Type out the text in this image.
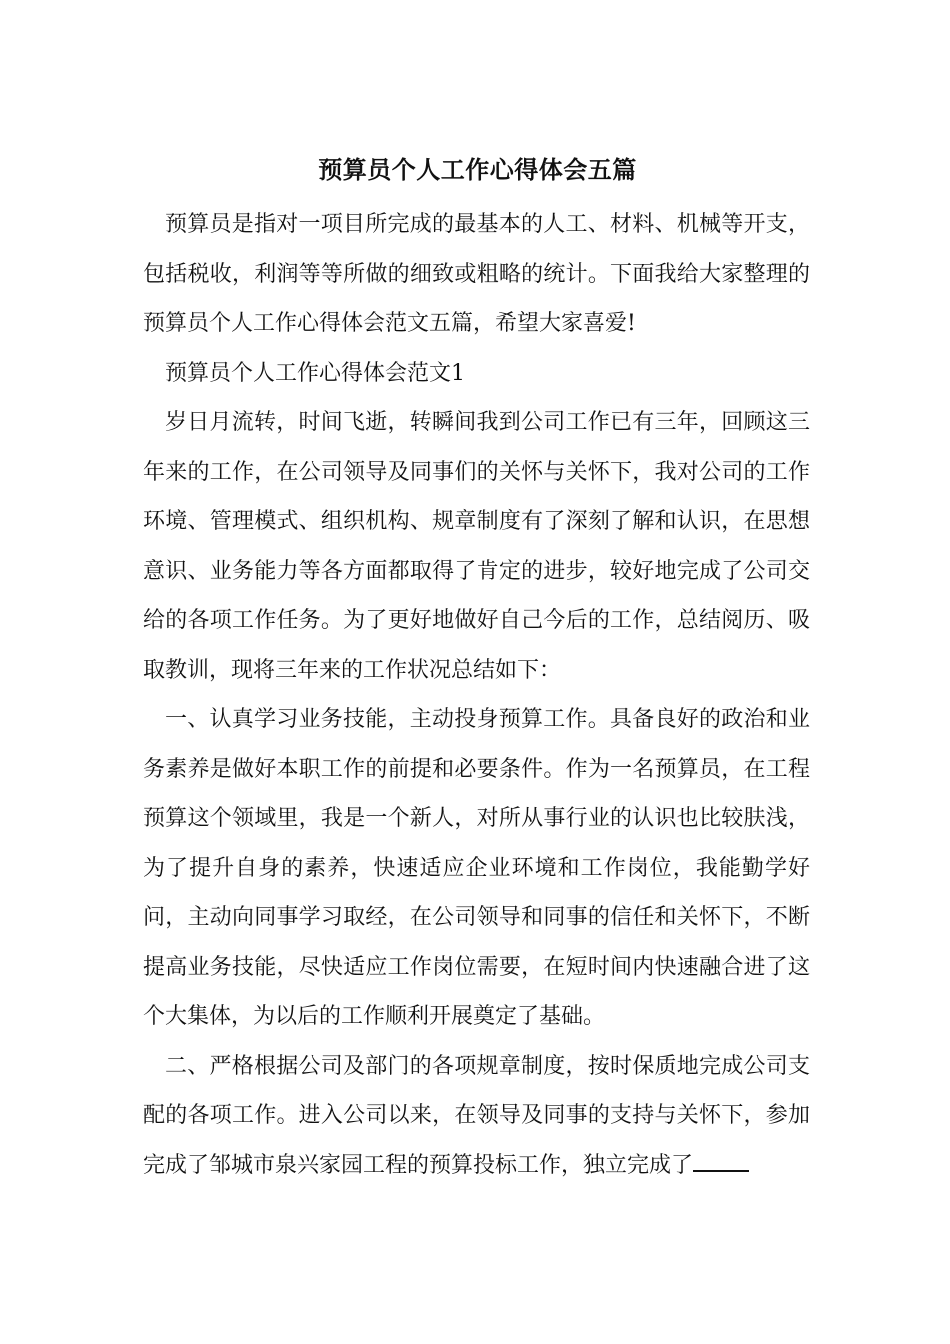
预算员个人工作心得体会五篇

预算员是指对一项目所完成的最基本的人工、材料、机械等开支，包括税收，利润等等所做的细致或粗略的统计。下面我给大家整理的预算员个人工作心得体会范文五篇，希望大家喜爱!

预算员个人工作心得体会范文1

岁日月流转，时间飞逝，转瞬间我到公司工作已有三年，回顾这三年来的工作，在公司领导及同事们的关怀与关怀下，我对公司的工作环境、管理模式、组织机构、规章制度有了深刻了解和认识，在思想意识、业务能力等各方面都取得了肯定的进步，较好地完成了公司交给的各项工作任务。为了更好地做好自己今后的工作，总结阅历、吸取教训，现将三年来的工作状况总结如下：

一、认真学习业务技能，主动投身预算工作。具备良好的政治和业务素养是做好本职工作的前提和必要条件。作为一名预算员，在工程预算这个领域里，我是一个新人，对所从事行业的认识也比较肤浅，为了提升自身的素养，快速适应企业环境和工作岗位，我能勤学好问，主动向同事学习取经，在公司领导和同事的信任和关怀下，不断提高业务技能，尽快适应工作岗位需要，在短时间内快速融合进了这个大集体，为以后的工作顺利开展奠定了基础。

二、严格根据公司及部门的各项规章制度，按时保质地完成公司支配的各项工作。进入公司以来，在领导及同事的支持与关怀下，参加完成了邹城市泉兴家园工程的预算投标工作，独立完成了
